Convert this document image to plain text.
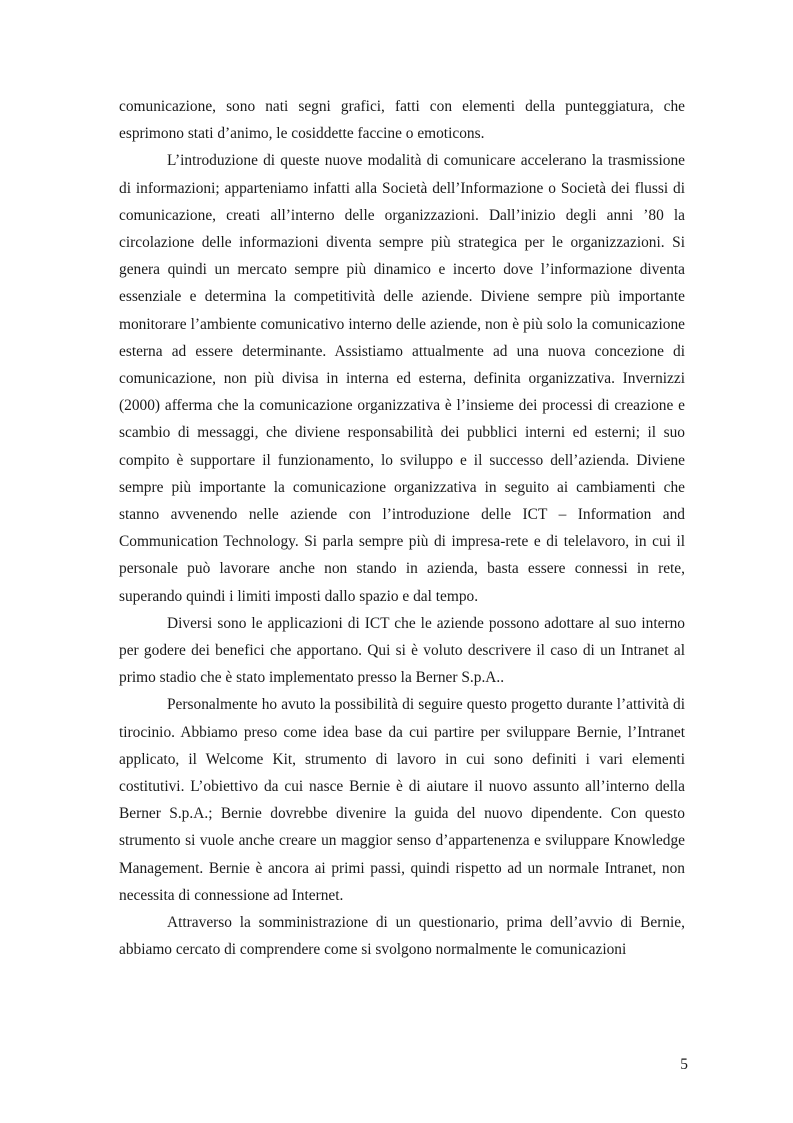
comunicazione, sono nati segni grafici, fatti con elementi della punteggiatura, che esprimono stati d’animo, le cosiddette faccine o emoticons.

L’introduzione di queste nuove modalità di comunicare accelerano la trasmissione di informazioni; apparteniamo infatti alla Società dell’Informazione o Società dei flussi di comunicazione, creati all’interno delle organizzazioni. Dall’inizio degli anni ’80 la circolazione delle informazioni diventa sempre più strategica per le organizzazioni. Si genera quindi un mercato sempre più dinamico e incerto dove l’informazione diventa essenziale e determina la competitività delle aziende. Diviene sempre più importante monitorare l’ambiente comunicativo interno delle aziende, non è più solo la comunicazione esterna ad essere determinante. Assistiamo attualmente ad una nuova concezione di comunicazione, non più divisa in interna ed esterna, definita organizzativa. Invernizzi (2000) afferma che la comunicazione organizzativa è l’insieme dei processi di creazione e scambio di messaggi, che diviene responsabilità dei pubblici interni ed esterni; il suo compito è supportare il funzionamento, lo sviluppo e il successo dell’azienda. Diviene sempre più importante la comunicazione organizzativa in seguito ai cambiamenti che stanno avvenendo nelle aziende con l’introduzione delle ICT – Information and Communication Technology. Si parla sempre più di impresa-rete e di telelavoro, in cui il personale può lavorare anche non stando in azienda, basta essere connessi in rete, superando quindi i limiti imposti dallo spazio e dal tempo.

Diversi sono le applicazioni di ICT che le aziende possono adottare al suo interno per godere dei benefici che apportano. Qui si è voluto descrivere il caso di un Intranet al primo stadio che è stato implementato presso la Berner S.p.A..

Personalmente ho avuto la possibilità di seguire questo progetto durante l’attività di tirocinio. Abbiamo preso come idea base da cui partire per sviluppare Bernie, l’Intranet applicato, il Welcome Kit, strumento di lavoro in cui sono definiti i vari elementi costitutivi. L’obiettivo da cui nasce Bernie è di aiutare il nuovo assunto all’interno della Berner S.p.A.; Bernie dovrebbe divenire la guida del nuovo dipendente. Con questo strumento si vuole anche creare un maggior senso d’appartenenza e sviluppare Knowledge Management. Bernie è ancora ai primi passi, quindi rispetto ad un normale Intranet, non necessita di connessione ad Internet.

Attraverso la somministrazione di un questionario, prima dell’avvio di Bernie, abbiamo cercato di comprendere come si svolgono normalmente le comunicazioni

5
